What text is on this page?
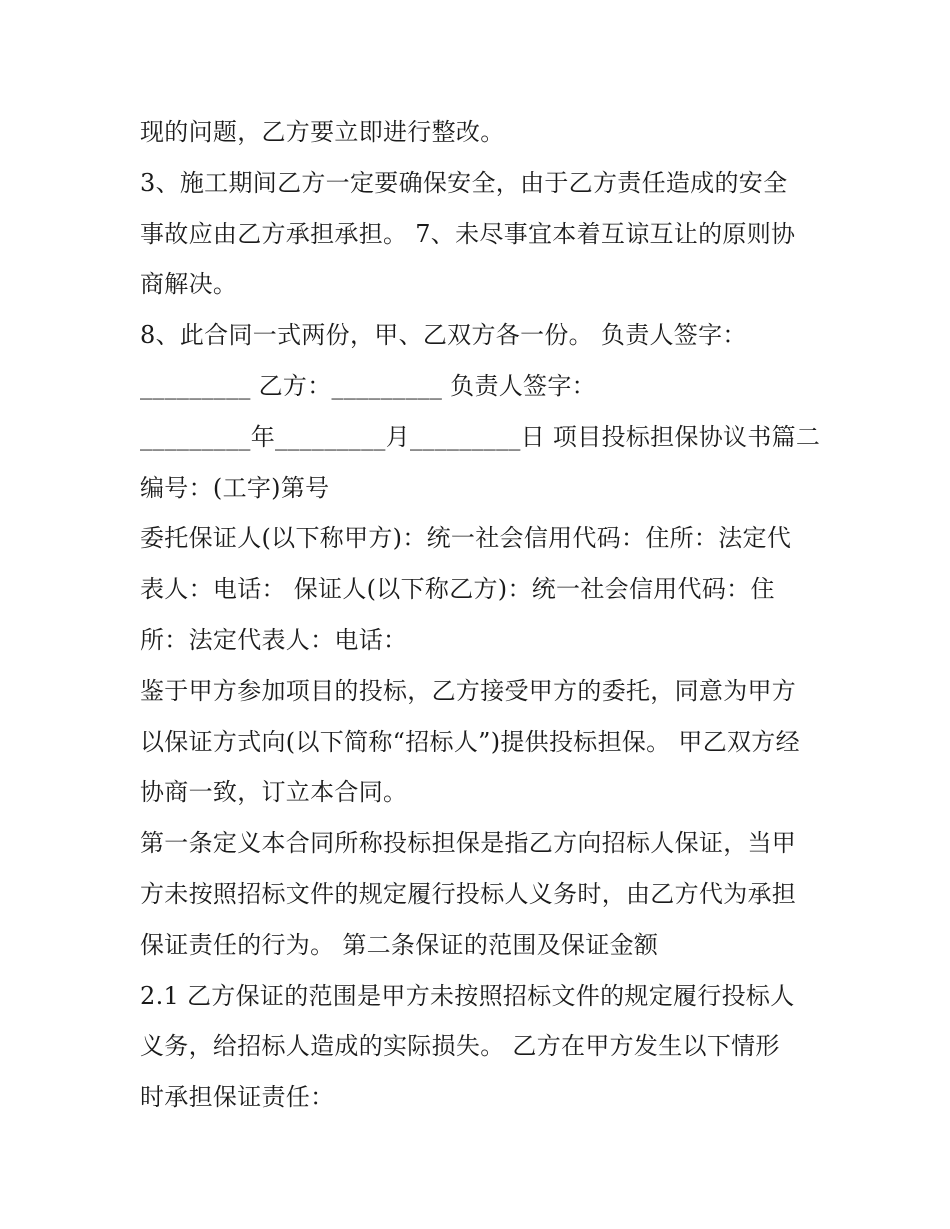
现的问题，乙方要立即进行整改。
3、施工期间乙方一定要确保安全，由于乙方责任造成的安全
事故应由乙方承担承担。 7、未尽事宜本着互谅互让的原则协
商解决。
8、此合同一式两份，甲、乙双方各一份。 负责人签字：
_________ 乙方：_________ 负责人签字：
_________年_________月_________日 项目投标担保协议书篇二
编号：(工字)第号
委托保证人(以下称甲方)：统一社会信用代码：住所：法定代
表人：电话： 保证人(以下称乙方)：统一社会信用代码：住
所：法定代表人：电话：
鉴于甲方参加项目的投标，乙方接受甲方的委托，同意为甲方
以保证方式向(以下简称“招标人”)提供投标担保。 甲乙双方经
协商一致，订立本合同。
第一条定义本合同所称投标担保是指乙方向招标人保证，当甲
方未按照招标文件的规定履行投标人义务时，由乙方代为承担
保证责任的行为。 第二条保证的范围及保证金额
2.1 乙方保证的范围是甲方未按照招标文件的规定履行投标人
义务，给招标人造成的实际损失。 乙方在甲方发生以下情形
时承担保证责任：
